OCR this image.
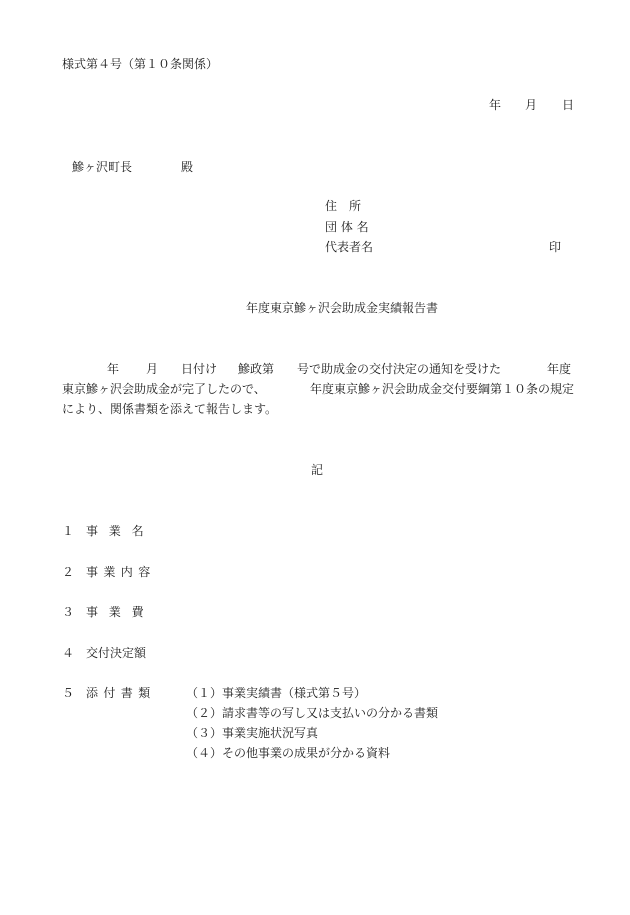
様式第４号（第１０条関係）
年 月 日
鰺ヶ沢町長	殿
住　所
団 体 名
代表者名	印
年度東京鰺ヶ沢会助成金実績報告書
年 月 日付け 鰺政第 号で助成金の交付決定の通知を受けた	年度
東京鰺ヶ沢会助成金が完了したので、	年度東京鰺ヶ沢会助成金交付要綱第１０条の規定
により、関係書類を添えて報告します。
記
１ 事業名
２ 事業内容
３ 事業費
４ 交付決定額
５ 添付書類	（１）事業実績書（様式第５号）
（２）請求書等の写し又は支払いの分かる書類
（３）事業実施状況写真
（４）その他事業の成果が分かる資料
